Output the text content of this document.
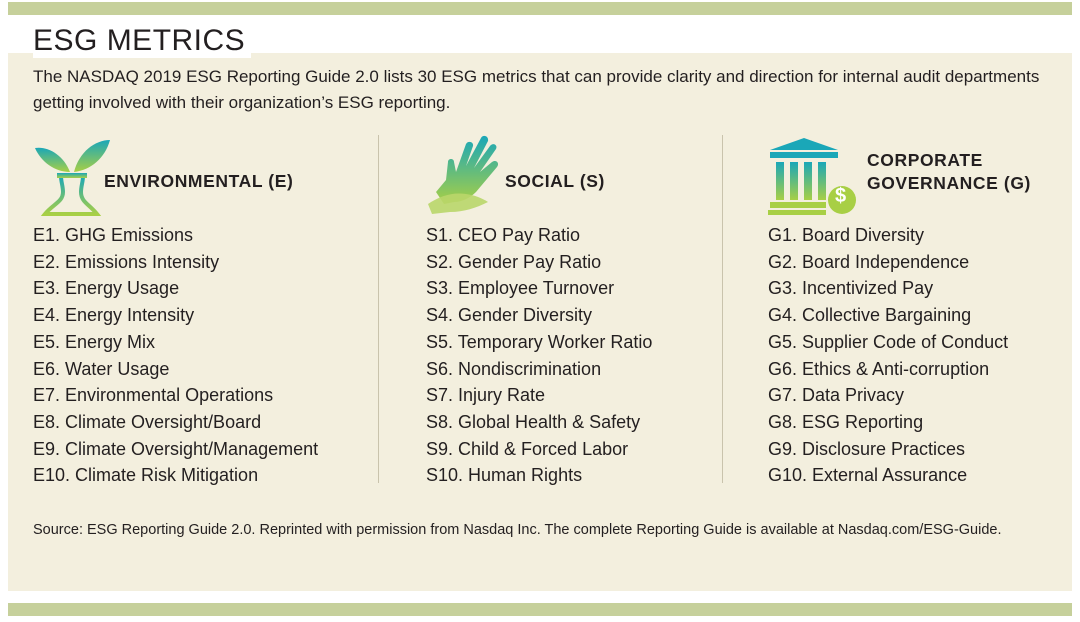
ESG METRICS

The NASDAQ 2019 ESG Reporting Guide 2.0 lists 30 ESG metrics that can provide clarity and direction for internal audit departments getting involved with their organization’s ESG reporting.

ENVIRONMENTAL (E)
E1. GHG Emissions
E2. Emissions Intensity
E3. Energy Usage
E4. Energy Intensity
E5. Energy Mix
E6. Water Usage
E7. Environmental Operations
E8. Climate Oversight/Board
E9. Climate Oversight/Management
E10. Climate Risk Mitigation
SOCIAL (S)
S1. CEO Pay Ratio
S2. Gender Pay Ratio
S3. Employee Turnover
S4. Gender Diversity
S5. Temporary Worker Ratio
S6. Nondiscrimination
S7. Injury Rate
S8. Global Health & Safety
S9. Child & Forced Labor
S10. Human Rights
$
CORPORATE
GOVERNANCE (G)
G1. Board Diversity
G2. Board Independence
G3. Incentivized Pay
G4. Collective Bargaining
G5. Supplier Code of Conduct
G6. Ethics & Anti-corruption
G7. Data Privacy
G8. ESG Reporting
G9. Disclosure Practices
G10. External Assurance

Source: ESG Reporting Guide 2.0. Reprinted with permission from Nasdaq Inc. The complete Reporting Guide is available at Nasdaq.com/ESG-Guide.
